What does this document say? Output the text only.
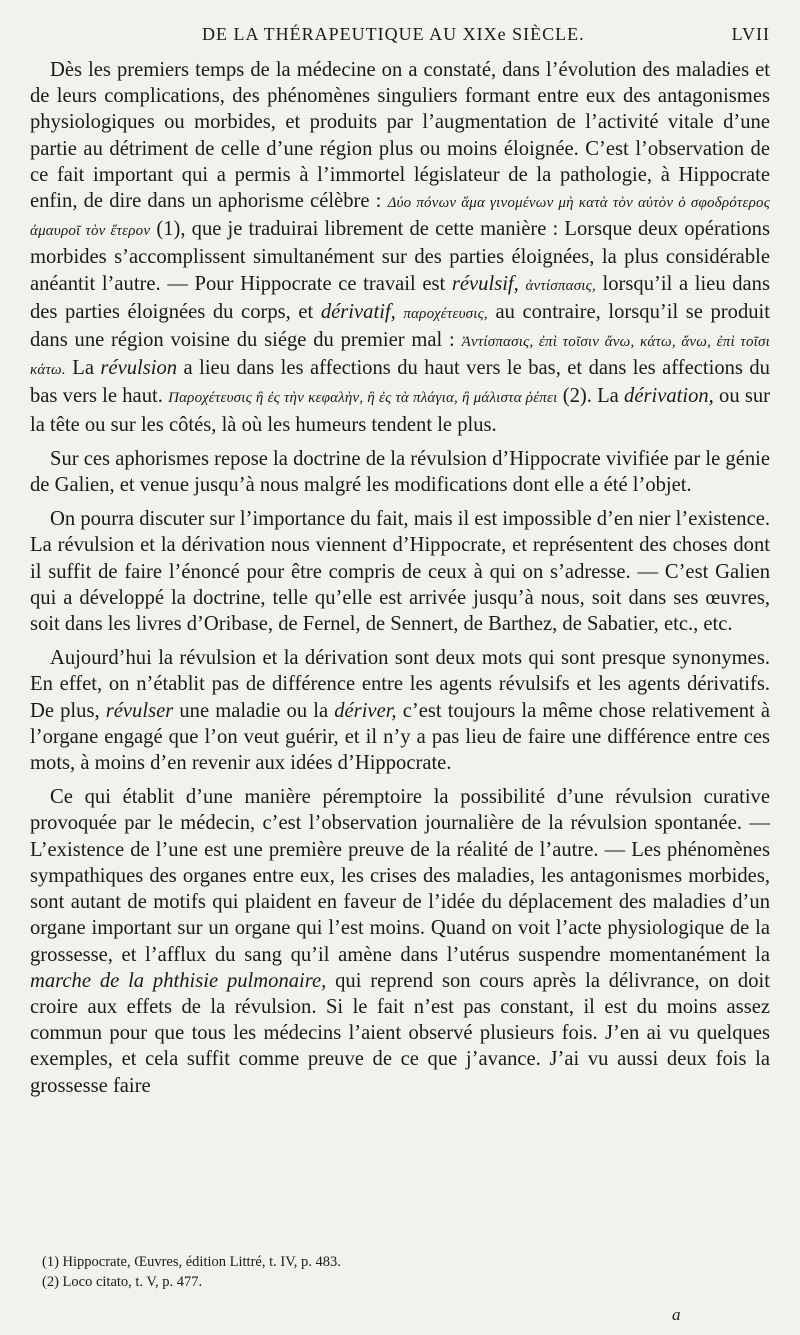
DE LA THÉRAPEUTIQUE AU XIXe SIÈCLE.	LVII

Dès les premiers temps de la médecine on a constaté, dans l’évolution des maladies et de leurs complications, des phénomènes singuliers formant entre eux des antagonismes physiologiques ou morbides, et produits par l’augmentation de l’activité vitale d’une partie au détriment de celle d’une région plus ou moins éloignée. C’est l’observation de ce fait important qui a permis à l’immortel législateur de la pathologie, à Hippocrate enfin, de dire dans un aphorisme célèbre : Δύο πόνων ἅμα γινομένων μὴ κατὰ τὸν αὐτὸν ὁ σφοδρότερος ἀμαυροῖ τὸν ἕτερον (1), que je traduirai librement de cette manière : Lorsque deux opérations morbides s’accomplissent simultanément sur des parties éloignées, la plus considérable anéantit l’autre. — Pour Hippocrate ce travail est révulsif, ἀντίσπασις, lorsqu’il a lieu dans des parties éloignées du corps, et dérivatif, παροχέτευσις, au contraire, lorsqu’il se produit dans une région voisine du siége du premier mal : Ἀντίσπασις, ἐπὶ τοῖσιν ἄνω, κάτω, ἄνω, ἐπὶ τοῖσι κάτω. La révulsion a lieu dans les affections du haut vers le bas, et dans les affections du bas vers le haut. Παροχέτευσις ἢ ἐς τὴν κεφαλὴν, ἢ ἐς τὰ πλάγια, ἢ μάλιστα ῥέπει (2). La dérivation, ou sur la tête ou sur les côtés, là où les humeurs tendent le plus.

Sur ces aphorismes repose la doctrine de la révulsion d’Hippocrate vivifiée par le génie de Galien, et venue jusqu’à nous malgré les modifications dont elle a été l’objet.

On pourra discuter sur l’importance du fait, mais il est impossible d’en nier l’existence. La révulsion et la dérivation nous viennent d’Hippocrate, et représentent des choses dont il suffit de faire l’énoncé pour être compris de ceux à qui on s’adresse. — C’est Galien qui a développé la doctrine, telle qu’elle est arrivée jusqu’à nous, soit dans ses œuvres, soit dans les livres d’Oribase, de Fernel, de Sennert, de Barthez, de Sabatier, etc., etc.

Aujourd’hui la révulsion et la dérivation sont deux mots qui sont presque synonymes. En effet, on n’établit pas de différence entre les agents révulsifs et les agents dérivatifs. De plus, révulser une maladie ou la dériver, c’est toujours la même chose relativement à l’organe engagé que l’on veut guérir, et il n’y a pas lieu de faire une différence entre ces mots, à moins d’en revenir aux idées d’Hippocrate.

Ce qui établit d’une manière péremptoire la possibilité d’une révulsion curative provoquée par le médecin, c’est l’observation journalière de la révulsion spontanée. — L’existence de l’une est une première preuve de la réalité de l’autre. — Les phénomènes sympathiques des organes entre eux, les crises des maladies, les antagonismes morbides, sont autant de motifs qui plaident en faveur de l’idée du déplacement des maladies d’un organe important sur un organe qui l’est moins. Quand on voit l’acte physiologique de la grossesse, et l’afflux du sang qu’il amène dans l’utérus suspendre momentanément la marche de la phthisie pulmonaire, qui reprend son cours après la délivrance, on doit croire aux effets de la révulsion. Si le fait n’est pas constant, il est du moins assez commun pour que tous les médecins l’aient observé plusieurs fois. J’en ai vu quelques exemples, et cela suffit comme preuve de ce que j’avance. J’ai vu aussi deux fois la grossesse faire

(1) Hippocrate, Œuvres, édition Littré, t. IV, p. 483.

(2) Loco citato, t. V, p. 477.

a
